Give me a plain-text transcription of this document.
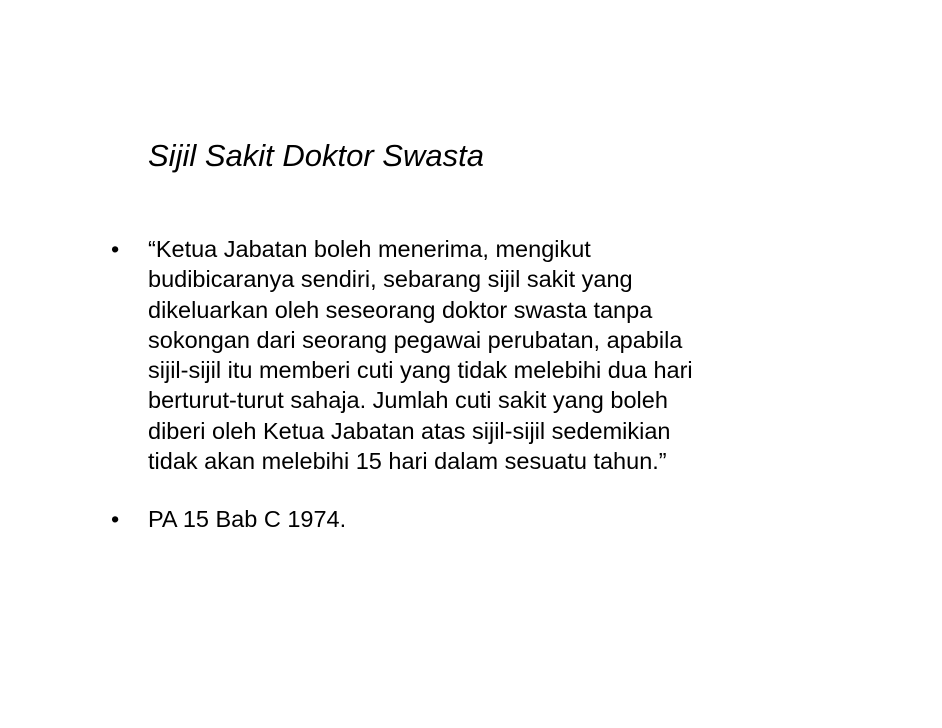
Sijil Sakit Doktor Swasta
• “Ketua Jabatan boleh menerima, mengikut
budibicaranya sendiri, sebarang sijil sakit yang
dikeluarkan oleh seseorang doktor swasta tanpa
sokongan dari seorang pegawai perubatan, apabila
sijil-sijil itu memberi cuti yang tidak melebihi dua hari
berturut-turut sahaja. Jumlah cuti sakit yang boleh
diberi oleh Ketua Jabatan atas sijil-sijil sedemikian
tidak akan melebihi 15 hari dalam sesuatu tahun.”
• PA 15 Bab C 1974.
